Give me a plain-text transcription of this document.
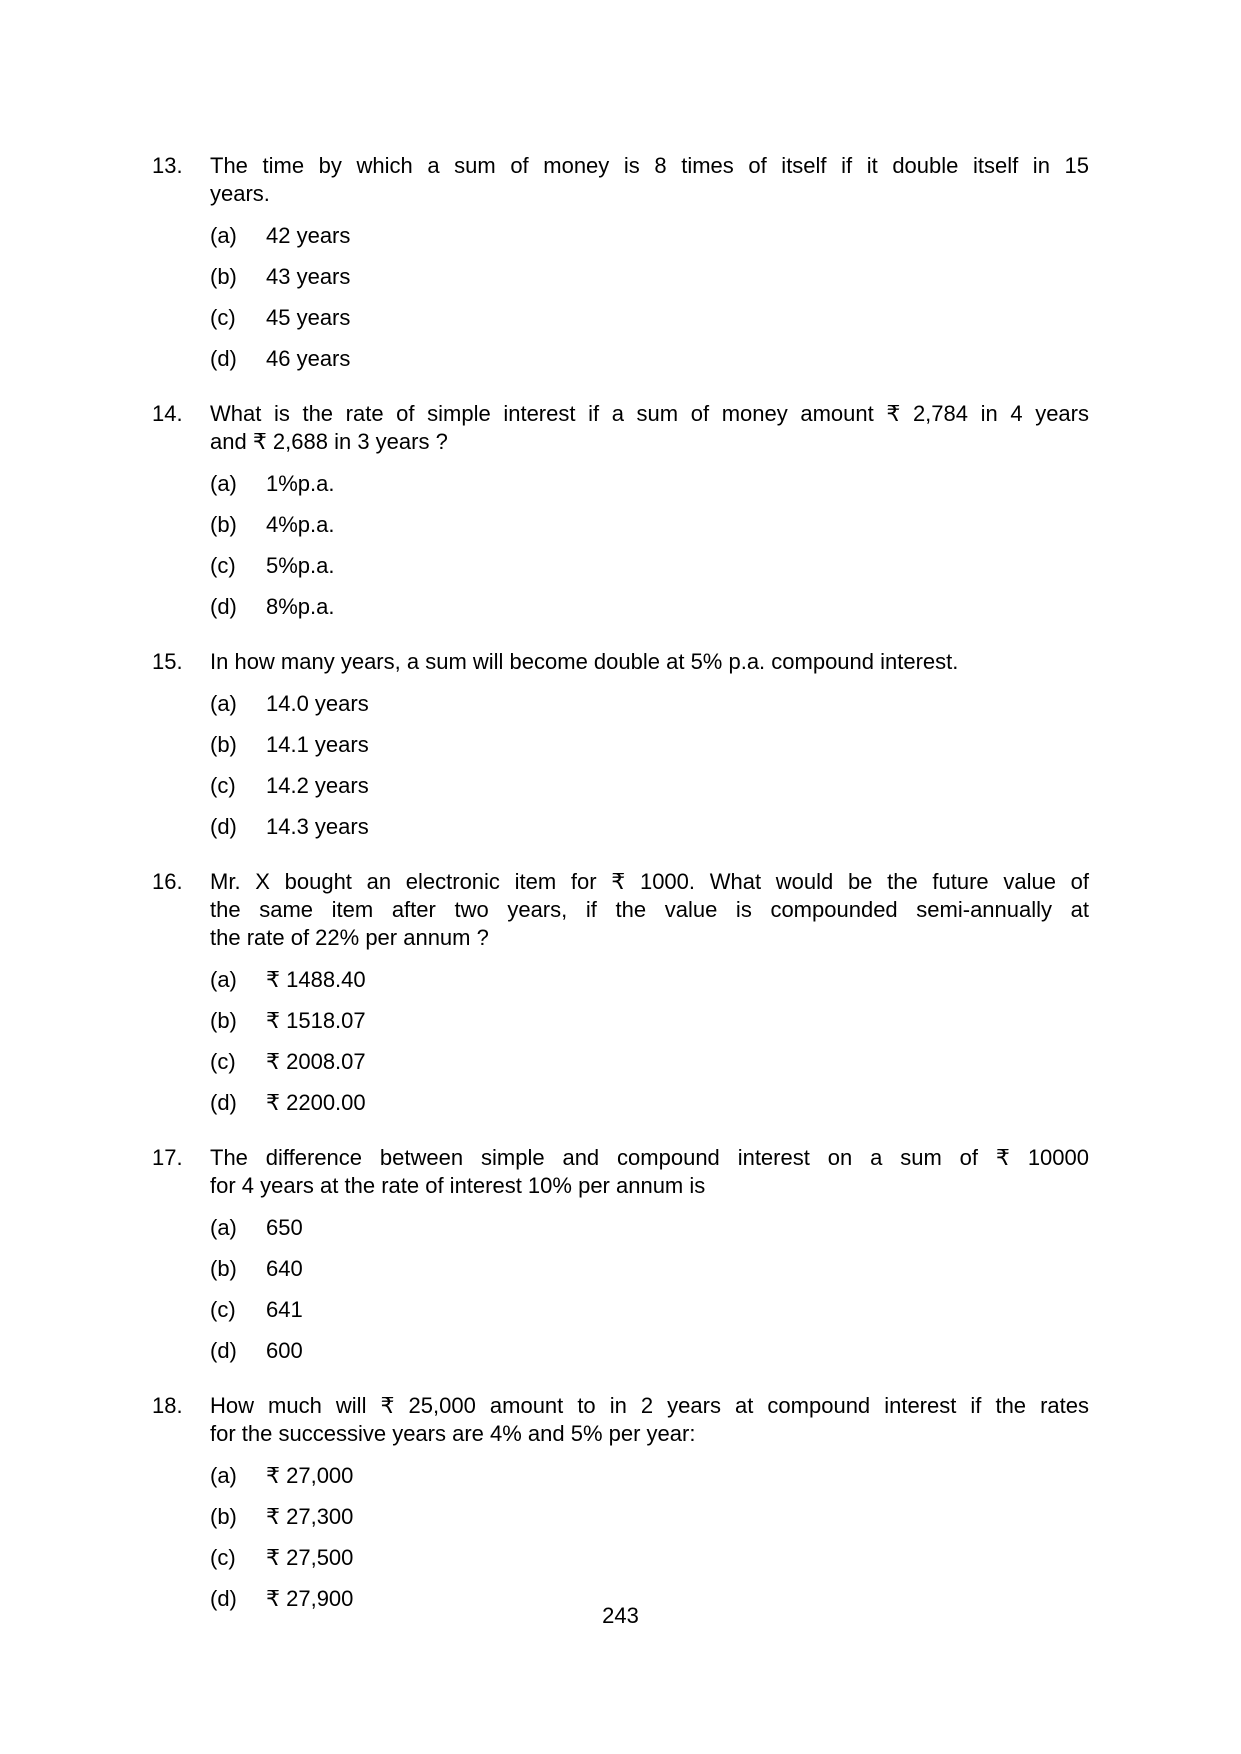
13.	The time by which a sum of money is 8 times of itself if it double itself in 15
years.
(a)	42 years
(b)	43 years
(c)	45 years
(d)	46 years
14.	What is the rate of simple interest if a sum of money amount ₹ 2,784 in 4 years
and ₹ 2,688 in 3 years ?
(a)	1%p.a.
(b)	4%p.a.
(c)	5%p.a.
(d)	8%p.a.
15.	In how many years, a sum will become double at 5% p.a. compound interest.
(a)	14.0 years
(b)	14.1 years
(c)	14.2 years
(d)	14.3 years
16.	Mr. X bought an electronic item for ₹ 1000. What would be the future value of
the same item after two years, if the value is compounded semi-annually at
the rate of 22% per annum ?
(a)	₹ 1488.40
(b)	₹ 1518.07
(c)	₹ 2008.07
(d)	₹ 2200.00
17.	The difference between simple and compound interest on a sum of ₹ 10000
for 4 years at the rate of interest 10% per annum is
(a)	650
(b)	640
(c)	641
(d)	600
18.	How much will ₹ 25,000 amount to in 2 years at compound interest if the rates
for the successive years are 4% and 5% per year:
(a)	₹ 27,000
(b)	₹ 27,300
(c)	₹ 27,500
(d)	₹ 27,900
243
